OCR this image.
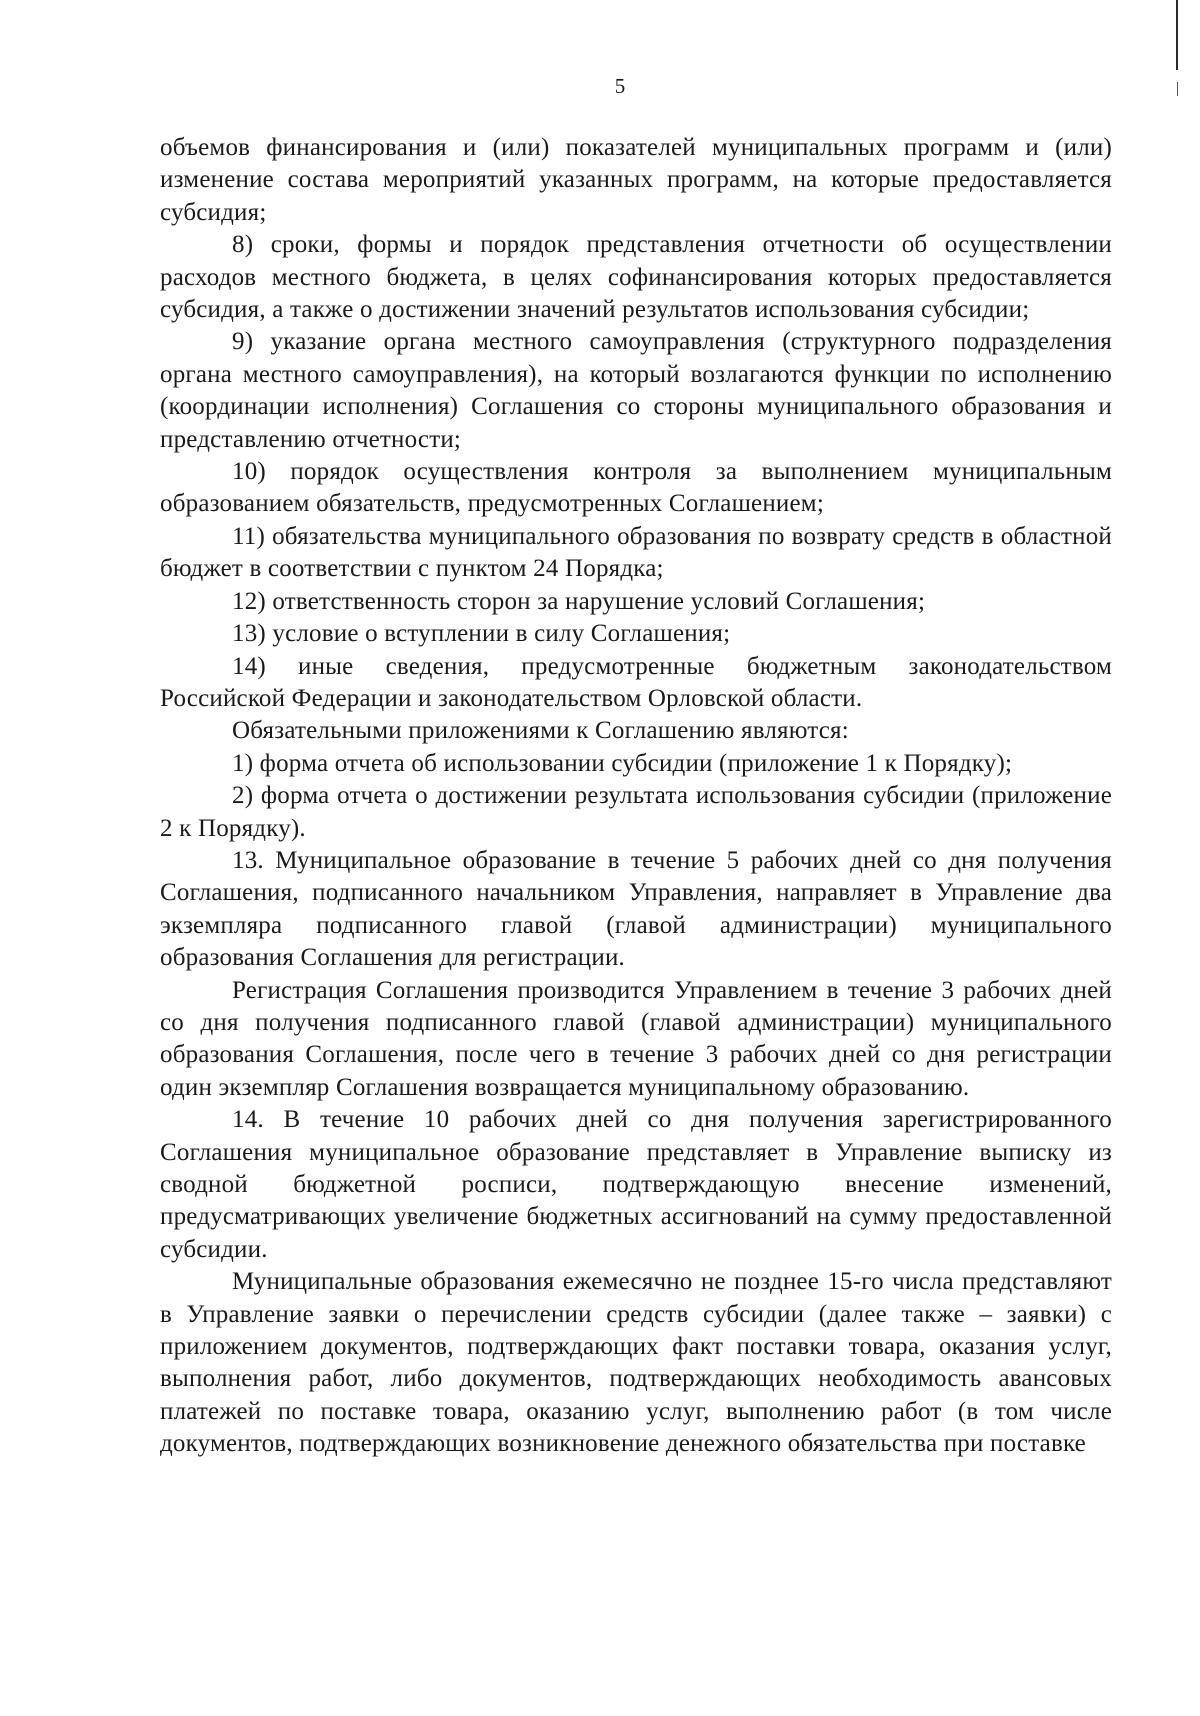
5

объемов финансирования и (или) показателей муниципальных программ и (или) изменение состава мероприятий указанных программ, на которые предоставляется субсидия;

8) сроки, формы и порядок представления отчетности об осуществлении расходов местного бюджета, в целях софинансирования которых предоставляется субсидия, а также о достижении значений результатов использования субсидии;

9) указание органа местного самоуправления (структурного подразделения органа местного самоуправления), на который возлагаются функции по исполнению (координации исполнения) Соглашения со стороны муниципального образования и представлению отчетности;

10) порядок осуществления контроля за выполнением муниципальным образованием обязательств, предусмотренных Соглашением;

11) обязательства муниципального образования по возврату средств в областной бюджет в соответствии с пунктом 24 Порядка;

12) ответственность сторон за нарушение условий Соглашения;

13) условие о вступлении в силу Соглашения;

14) иные сведения, предусмотренные бюджетным законодательством Российской Федерации и законодательством Орловской области.

Обязательными приложениями к Соглашению являются:

1) форма отчета об использовании субсидии (приложение 1 к Порядку);

2) форма отчета о достижении результата использования субсидии (приложение 2 к Порядку).

13. Муниципальное образование в течение 5 рабочих дней со дня получения Соглашения, подписанного начальником Управления, направляет в Управление два экземпляра подписанного главой (главой администрации) муниципального образования Соглашения для регистрации.

Регистрация Соглашения производится Управлением в течение 3 рабочих дней со дня получения подписанного главой (главой администрации) муниципального образования Соглашения, после чего в течение 3 рабочих дней со дня регистрации один экземпляр Соглашения возвращается муниципальному образованию.

14. В течение 10 рабочих дней со дня получения зарегистрированного Соглашения муниципальное образование представляет в Управление выписку из сводной бюджетной росписи, подтверждающую внесение изменений, предусматривающих увеличение бюджетных ассигнований на сумму предоставленной субсидии.

Муниципальные образования ежемесячно не позднее 15-го числа представляют в Управление заявки о перечислении средств субсидии (далее также – заявки) с приложением документов, подтверждающих факт поставки товара, оказания услуг, выполнения работ, либо документов, подтверждающих необходимость авансовых платежей по поставке товара, оказанию услуг, выполнению работ (в том числе документов, подтверждающих возникновение денежного обязательства при поставке
